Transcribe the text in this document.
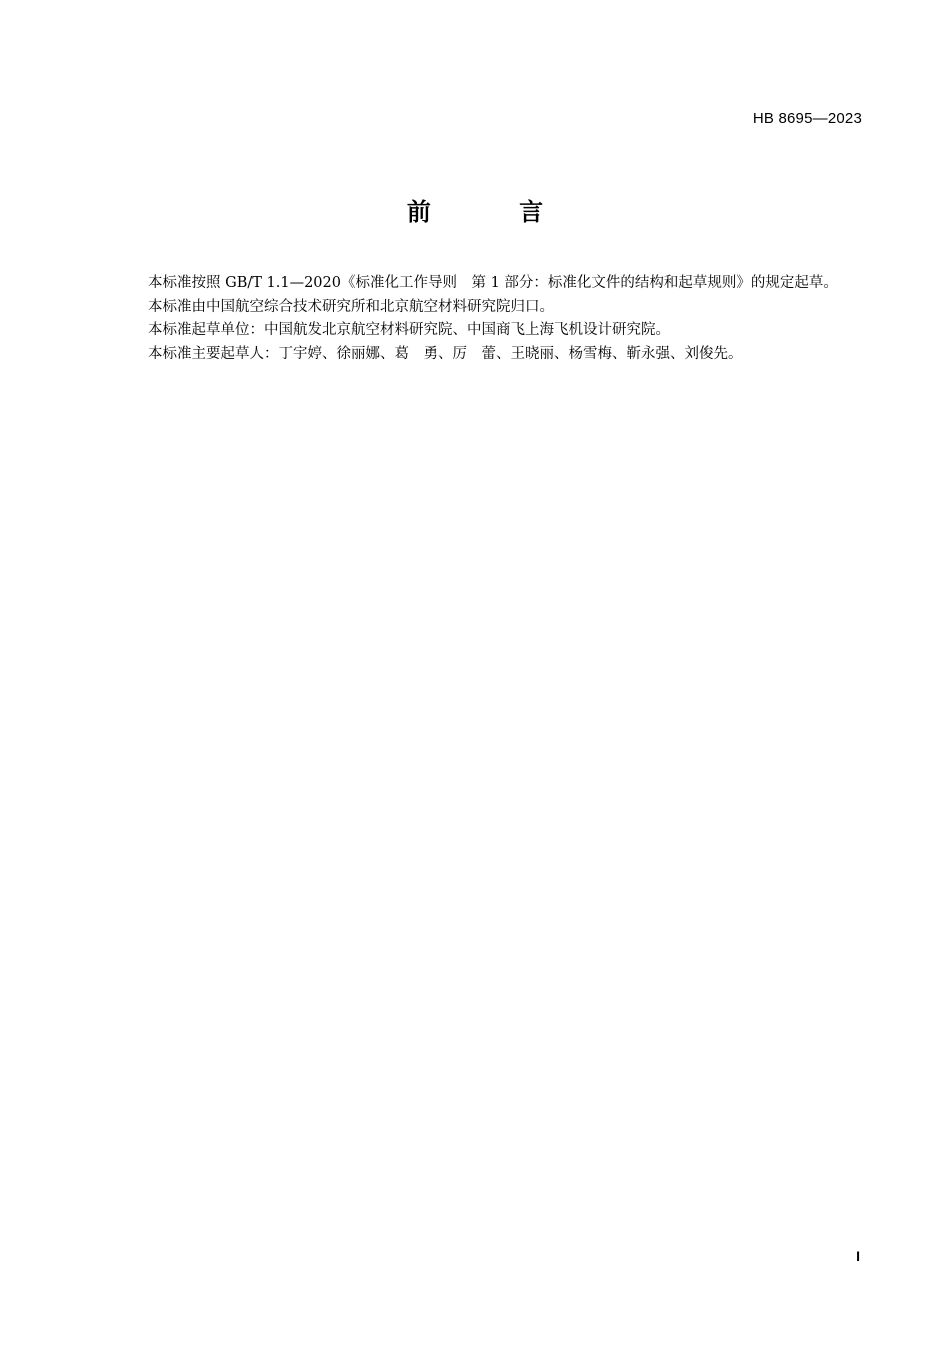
HB 8695—2023
前 言

本标准按照 GB/T 1.1—2020《标准化工作导则　第 1 部分：标准化文件的结构和起草规则》的规定起草。

本标准由中国航空综合技术研究所和北京航空材料研究院归口。

本标准起草单位：中国航发北京航空材料研究院、中国商飞上海飞机设计研究院。

本标准主要起草人：丁宇婷、徐丽娜、葛　勇、厉　蕾、王晓丽、杨雪梅、靳永强、刘俊先。

I
